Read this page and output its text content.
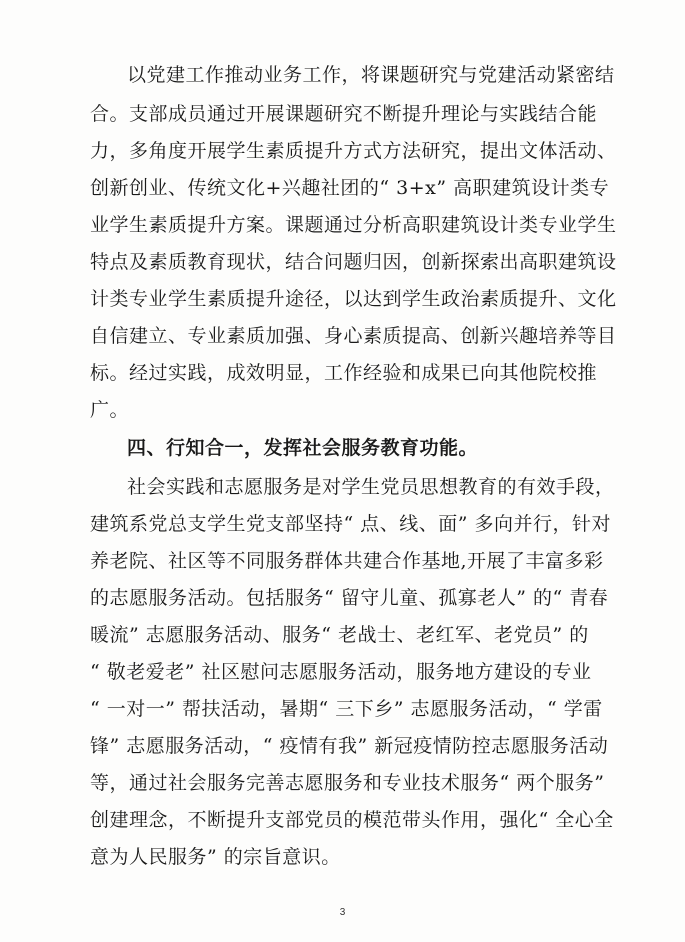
以党建工作推动业务工作，将课题研究与党建活动紧密结
合。支部成员通过开展课题研究不断提升理论与实践结合能
力，多角度开展学生素质提升方式方法研究，提出文体活动、
创新创业、传统文化+兴趣社团的“ 3+x” 高职建筑设计类专
业学生素质提升方案。课题通过分析高职建筑设计类专业学生
特点及素质教育现状，结合问题归因，创新探索出高职建筑设
计类专业学生素质提升途径，以达到学生政治素质提升、文化
自信建立、专业素质加强、身心素质提高、创新兴趣培养等目
标。经过实践，成效明显，工作经验和成果已向其他院校推
广。
四、行知合一，发挥社会服务教育功能。
社会实践和志愿服务是对学生党员思想教育的有效手段，
建筑系党总支学生党支部坚持“ 点、线、面” 多向并行，针对
养老院、社区等不同服务群体共建合作基地,开展了丰富多彩
的志愿服务活动。包括服务“ 留守儿童、孤寡老人” 的“ 青春
暖流” 志愿服务活动、服务“ 老战士、老红军、老党员” 的
“ 敬老爱老” 社区慰问志愿服务活动，服务地方建设的专业
“ 一对一” 帮扶活动，暑期“ 三下乡” 志愿服务活动，“ 学雷
锋” 志愿服务活动，“ 疫情有我” 新冠疫情防控志愿服务活动
等，通过社会服务完善志愿服务和专业技术服务“ 两个服务”
创建理念，不断提升支部党员的模范带头作用，强化“ 全心全
意为人民服务” 的宗旨意识。
3
